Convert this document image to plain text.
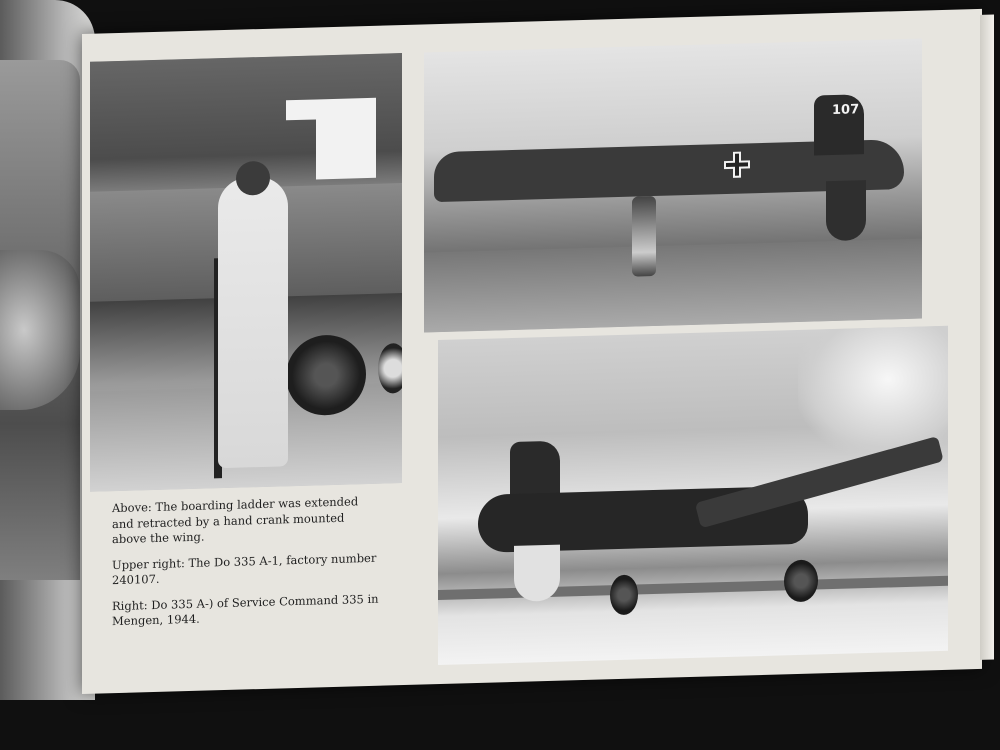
107

Above: The boarding ladder was extended and retracted by a hand crank mounted above the wing.

Upper right: The Do 335 A-1, factory number 240107.

Right: Do 335 A-) of Service Command 335 in Mengen, 1944.
